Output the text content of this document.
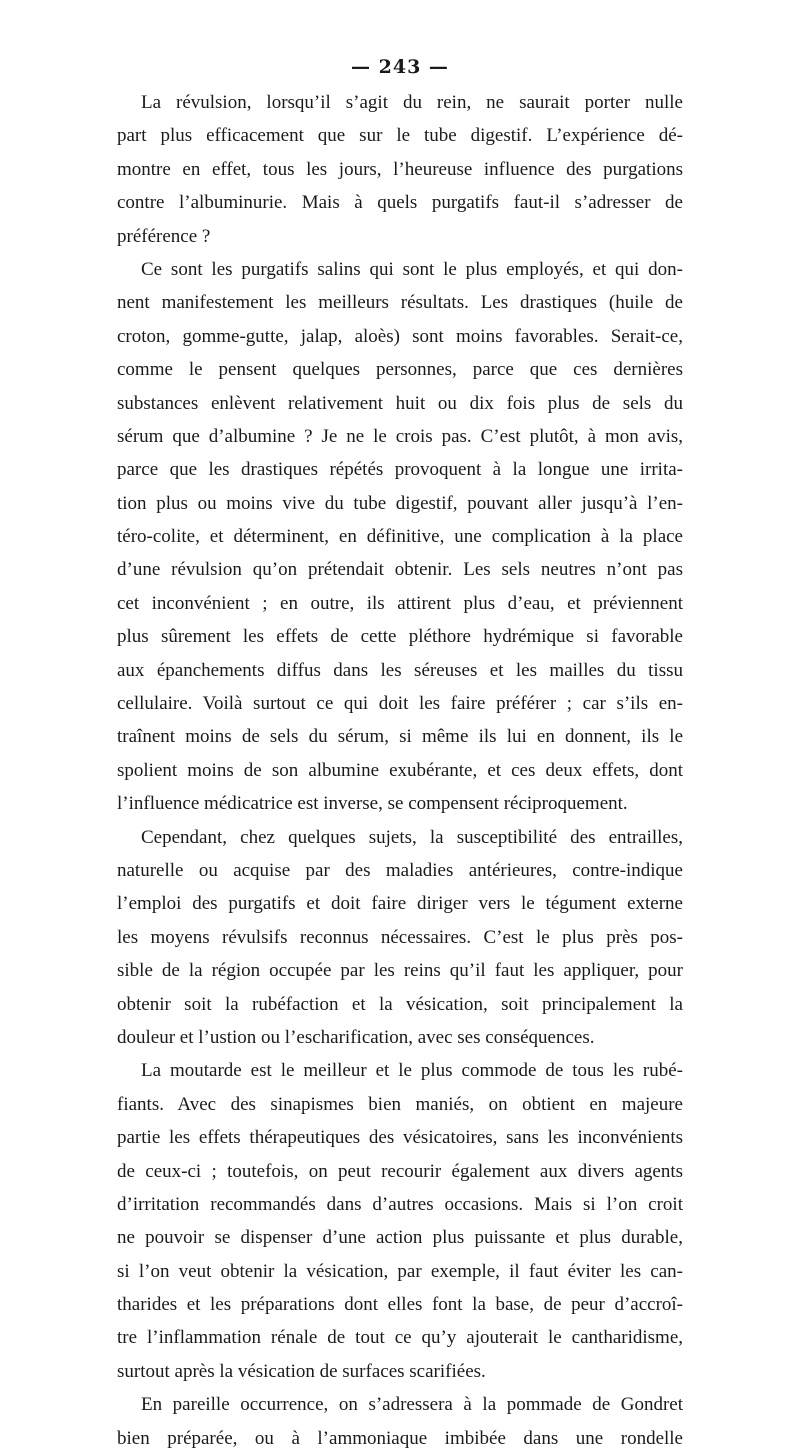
— 243 —
La révulsion, lorsqu’il s’agit du rein, ne saurait porter nulle
part plus efficacement que sur le tube digestif. L’expérience dé-
montre en effet, tous les jours, l’heureuse influence des purgations
contre l’albuminurie. Mais à quels purgatifs faut-il s’adresser de
préférence ?
Ce sont les purgatifs salins qui sont le plus employés, et qui don-
nent manifestement les meilleurs résultats. Les drastiques (huile de
croton, gomme-gutte, jalap, aloès) sont moins favorables. Serait-ce,
comme le pensent quelques personnes, parce que ces dernières
substances enlèvent relativement huit ou dix fois plus de sels du
sérum que d’albumine ? Je ne le crois pas. C’est plutôt, à mon avis,
parce que les drastiques répétés provoquent à la longue une irrita-
tion plus ou moins vive du tube digestif, pouvant aller jusqu’à l’en-
téro-colite, et déterminent, en définitive, une complication à la place
d’une révulsion qu’on prétendait obtenir. Les sels neutres n’ont pas
cet inconvénient ; en outre, ils attirent plus d’eau, et préviennent
plus sûrement les effets de cette pléthore hydrémique si favorable
aux épanchements diffus dans les séreuses et les mailles du tissu
cellulaire. Voilà surtout ce qui doit les faire préférer ; car s’ils en-
traînent moins de sels du sérum, si même ils lui en donnent, ils le
spolient moins de son albumine exubérante, et ces deux effets, dont
l’influence médicatrice est inverse, se compensent réciproquement.
Cependant, chez quelques sujets, la susceptibilité des entrailles,
naturelle ou acquise par des maladies antérieures, contre-indique
l’emploi des purgatifs et doit faire diriger vers le tégument externe
les moyens révulsifs reconnus nécessaires. C’est le plus près pos-
sible de la région occupée par les reins qu’il faut les appliquer, pour
obtenir soit la rubéfaction et la vésication, soit principalement la
douleur et l’ustion ou l’escharification, avec ses conséquences.
La moutarde est le meilleur et le plus commode de tous les rubé-
fiants. Avec des sinapismes bien maniés, on obtient en majeure
partie les effets thérapeutiques des vésicatoires, sans les inconvénients
de ceux-ci ; toutefois, on peut recourir également aux divers agents
d’irritation recommandés dans d’autres occasions. Mais si l’on croit
ne pouvoir se dispenser d’une action plus puissante et plus durable,
si l’on veut obtenir la vésication, par exemple, il faut éviter les can-
tharides et les préparations dont elles font la base, de peur d’accroî-
tre l’inflammation rénale de tout ce qu’y ajouterait le cantharidisme,
surtout après la vésication de surfaces scarifiées.
En pareille occurrence, on s’adressera à la pommade de Gondret
bien préparée, ou à l’ammoniaque imbibée dans une rondelle
